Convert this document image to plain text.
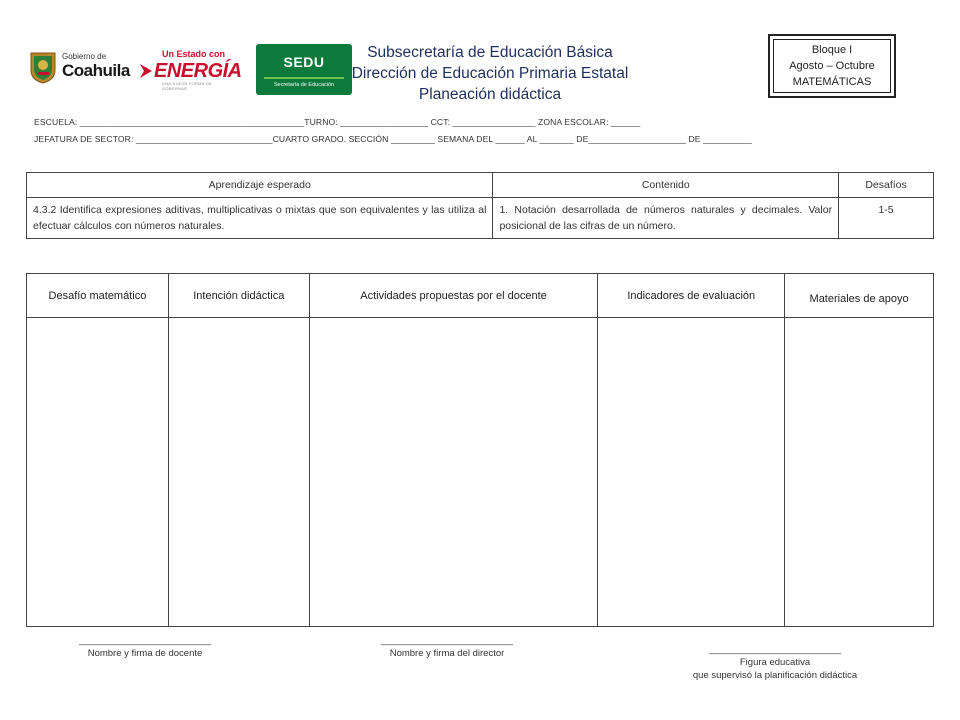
Gobierno de
Coahuila
Un Estado con
ENERGÍA
UNA NUEVA FORMA DE GOBERNAR
SEDU
Secretaría de Educación
Subsecretaría de Educación Básica
Dirección de Educación Primaria Estatal
Planeación didáctica
Bloque I
Agosto – Octubre
MATEMÁTICAS
ESCUELA: ______________________________________________TURNO: __________________ CCT: _________________ ZONA ESCOLAR: ______
JEFATURA DE SECTOR: ____________________________CUARTO GRADO. SECCIÓN _________ SEMANA DEL ______ AL _______ DE____________________ DE __________
Aprendizaje esperado	Contenido	Desafíos
4.3.2 Identifica expresiones aditivas, multiplicativas o mixtas que son equivalentes y las utiliza al efectuar cálculos con números naturales.	1. Notación desarrollada de números naturales y decimales. Valor posicional de las cifras de un número.	1-5
Desafío matemático	Intención didáctica	Actividades propuestas por el docente	Indicadores de evaluación	Materiales de apoyo

_________________________
Nombre y firma de docente
_________________________
Nombre y firma del director	_________________________
Figura educativa
que supervisó la planificación didáctica
